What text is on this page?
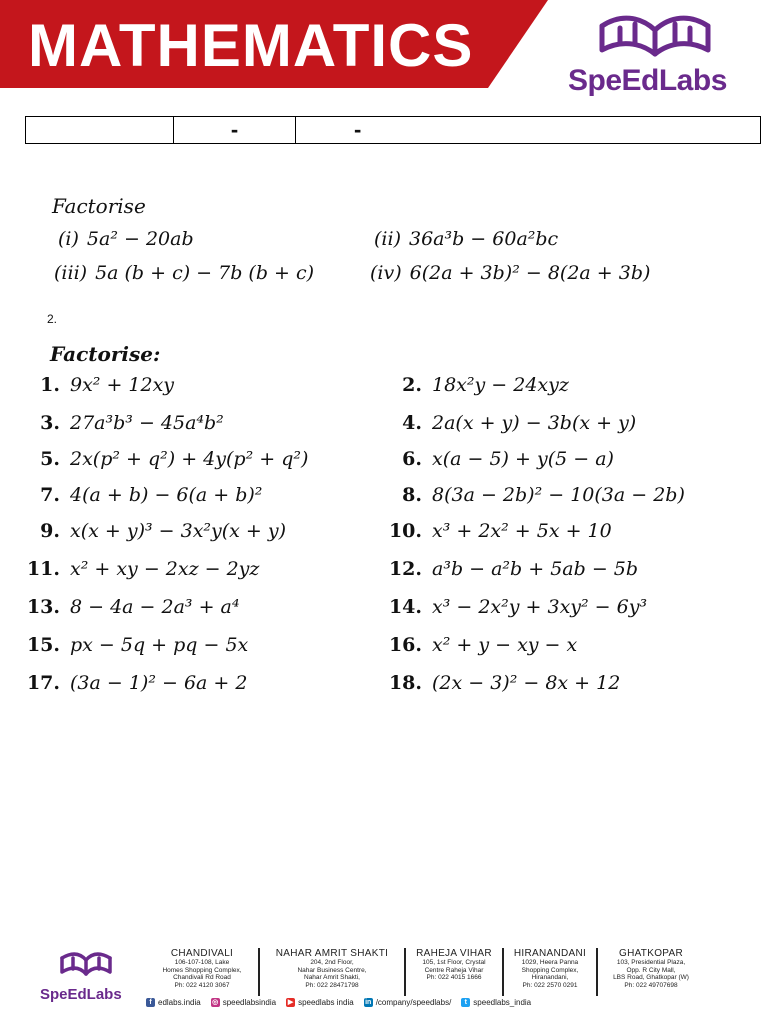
MATHEMATICS
SpeEdLabs
-	-
Factorise
(i) 5a² − 20ab	(ii) 36a³b − 60a²bc
(iii) 5a (b + c) − 7b (b + c)	(iv) 6(2a + 3b)² − 8(2a + 3b)
2.
Factorise:
1. 9x² + 12xy	2. 18x²y − 24xyz
3. 27a³b³ − 45a⁴b²	4. 2a(x + y) − 3b(x + y)
5. 2x(p² + q²) + 4y(p² + q²)	6. x(a − 5) + y(5 − a)
7. 4(a + b) − 6(a + b)²	8. 8(3a − 2b)² − 10(3a − 2b)
9. x(x + y)³ − 3x²y(x + y)	10. x³ + 2x² + 5x + 10
11. x² + xy − 2xz − 2yz	12. a³b − a²b + 5ab − 5b
13. 8 − 4a − 2a³ + a⁴	14. x³ − 2x²y + 3xy² − 6y³
15. px − 5q + pq − 5x	16. x² + y − xy − x
17. (3a − 1)² − 6a + 2	18. (2x − 3)² − 8x + 12
SpeEdLabs
CHANDIVALI
106-107-108, Lake
Homes Shopping Complex,
Chandivali Rd Road
Ph: 022 4120 3067
NAHAR AMRIT SHAKTI
204, 2nd Floor,
Nahar Business Centre,
Nahar Amrit Shakti,
Ph: 022 28471798
RAHEJA VIHAR
105, 1st Floor, Crystal
Centre Raheja Vihar
Ph: 022 4015 1666
HIRANANDANI
1029, Heera Panna
Shopping Complex,
Hiranandani,
Ph: 022 2570 0291
GHATKOPAR
103, Presidential Plaza,
Opp. R City Mall,
LBS Road, Ghatkopar (W)
Ph: 022 49707698
f edlabs.india ◎ speedlabsindia ▶ speedlabs india in /company/speedlabs/	t speedlabs_india
